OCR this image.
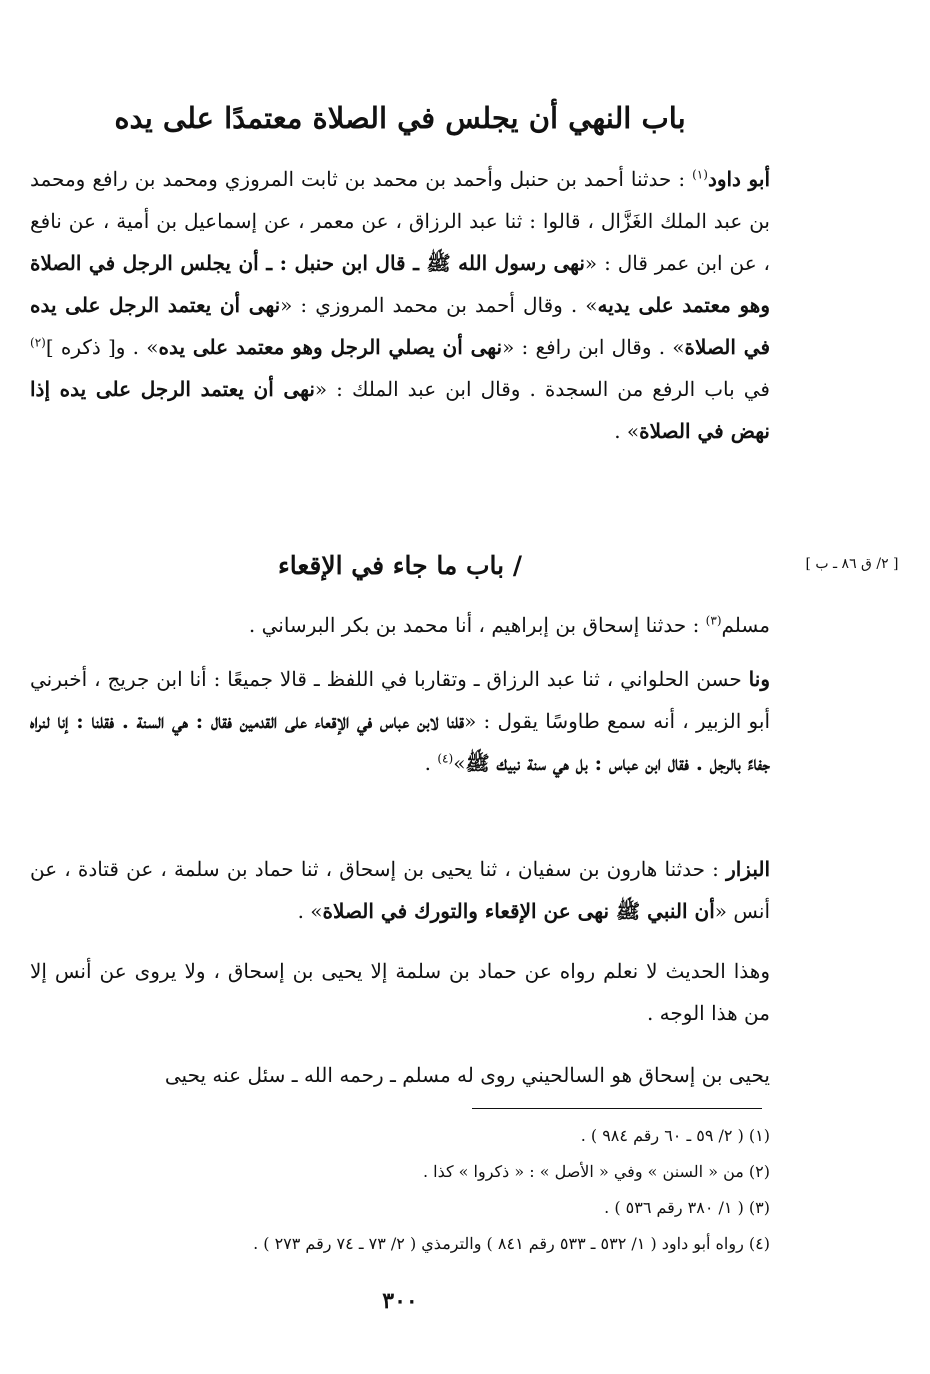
باب النهي أن يجلس في الصلاة معتمدًا على يده
أبو داود$^{(١)}$ : حدثنا أحمد بن حنبل وأحمد بن محمد بن ثابت المروزي ومحمد بن رافع ومحمد بن عبد الملك الغَزَّال ، قالوا : ثنا عبد الرزاق ، عن معمر ، عن إسماعيل بن أمية ، عن نافع ، عن ابن عمر قال : «نهى رسول الله ﷺ ـ قال ابن حنبل : ـ أن يجلس الرجل في الصلاة وهو معتمد على يديه» . وقال أحمد بن محمد المروزي : «نهى أن يعتمد الرجل على يده في الصلاة» . وقال ابن رافع : «نهى أن يصلي الرجل وهو معتمد على يده» . و[ ذكره ]$^{(٢)}$ في باب الرفع من السجدة . وقال ابن عبد الملك : «نهى أن يعتمد الرجل على يده إذا نهض في الصلاة» .
/ باب ما جاء في الإقعاء
مسلم$^{(٣)}$ : حدثنا إسحاق بن إبراهيم ، أنا محمد بن بكر البرساني .
ونا حسن الحلواني ، ثنا عبد الرزاق ـ وتقاربا في اللفظ ـ قالا جميعًا : أنا ابن جريج ، أخبرني أبو الزبير ، أنه سمع طاوسًا يقول : «قلنا لابن عباس في الإقعاء على القدمين فقال : هي السنة . فقلنا : إنا لنراه جفاءً بالرجل . فقال ابن عباس : بل هي سنة نبيك ﷺ»$^{(٤)}$ .
البزار : حدثنا هارون بن سفيان ، ثنا يحيى بن إسحاق ، ثنا حماد بن سلمة ، عن قتادة ، عن أنس «أن النبي ﷺ نهى عن الإقعاء والتورك في الصلاة» .
وهذا الحديث لا نعلم رواه عن حماد بن سلمة إلا يحيى بن إسحاق ، ولا يروى عن أنس إلا من هذا الوجه .
يحيى بن إسحاق هو السالحيني روى له مسلم ـ رحمه الله ـ سئل عنه يحيى
(١) ( ٢/ ٥٩ ـ ٦٠ رقم ٩٨٤ ) .
(٢) من « السنن » وفي « الأصل » : « ذكروا » كذا .
(٣) ( ١/ ٣٨٠ رقم ٥٣٦ ) .
(٤) رواه أبو داود ( ١/ ٥٣٢ ـ ٥٣٣ رقم ٨٤١ ) والترمذي ( ٢/ ٧٣ ـ ٧٤ رقم ٢٧٣ ) .
٣٠٠
[ ٢/ ق ٨٦ ـ ب ]
